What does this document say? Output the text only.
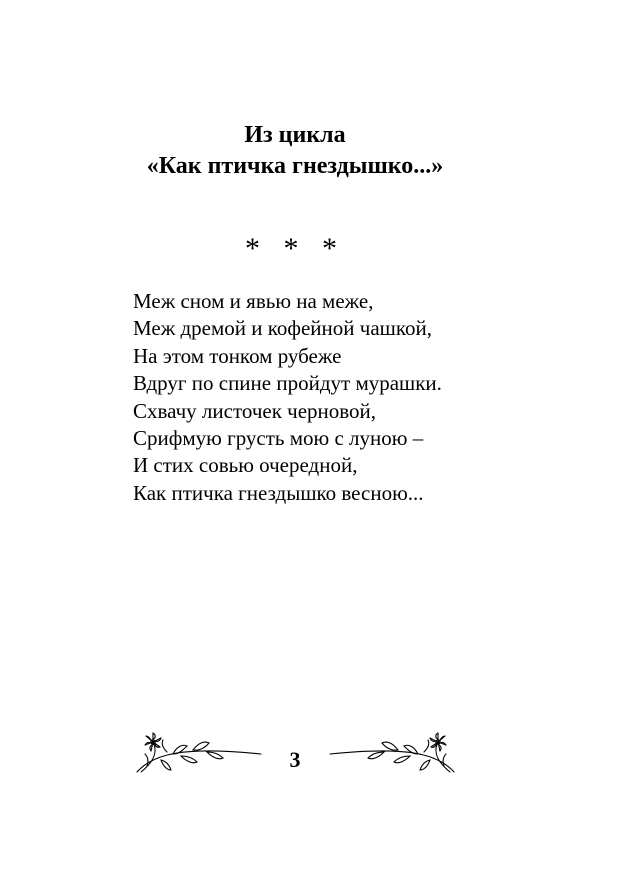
Из цикла
«Как птичка гнездышко...»
* * *
Меж сном и явью на меже,
Меж дремой и кофейной чашкой,
На этом тонком рубеже
Вдруг по спине пройдут мурашки.
Схвачу листочек черновой,
Срифмую грусть мою с луною –
И стих совью очередной,
Как птичка гнездышко весною...
3
